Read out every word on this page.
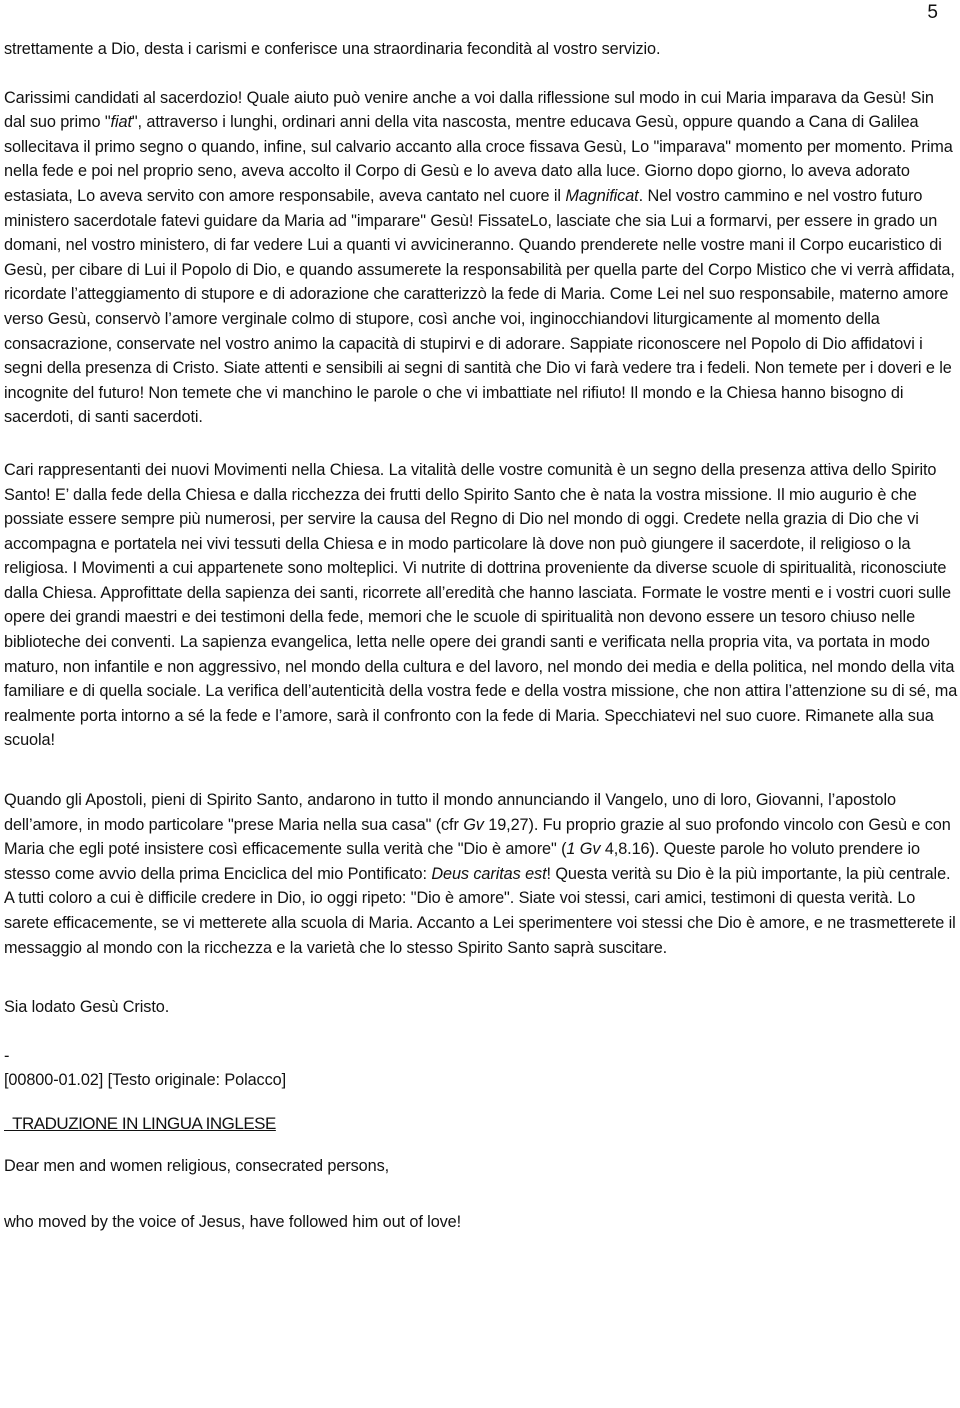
5

strettamente a Dio, desta i carismi e conferisce una straordinaria fecondità al vostro servizio.

Carissimi candidati al sacerdozio! Quale aiuto può venire anche a voi dalla riflessione sul modo in cui Maria imparava da Gesù! Sin dal suo primo "fiat", attraverso i lunghi, ordinari anni della vita nascosta, mentre educava Gesù, oppure quando a Cana di Galilea sollecitava il primo segno o quando, infine, sul calvario accanto alla croce fissava Gesù, Lo "imparava" momento per momento. Prima nella fede e poi nel proprio seno, aveva accolto il Corpo di Gesù e lo aveva dato alla luce. Giorno dopo giorno, lo aveva adorato estasiata, Lo aveva servito con amore responsabile, aveva cantato nel cuore il Magnificat. Nel vostro cammino e nel vostro futuro ministero sacerdotale fatevi guidare da Maria ad "imparare" Gesù! FissateLo, lasciate che sia Lui a formarvi, per essere in grado un domani, nel vostro ministero, di far vedere Lui a quanti vi avvicineranno. Quando prenderete nelle vostre mani il Corpo eucaristico di Gesù, per cibare di Lui il Popolo di Dio, e quando assumerete la responsabilità per quella parte del Corpo Mistico che vi verrà affidata, ricordate l’atteggiamento di stupore e di adorazione che caratterizzò la fede di Maria. Come Lei nel suo responsabile, materno amore verso Gesù, conservò l’amore verginale colmo di stupore, così anche voi, inginocchiandovi liturgicamente al momento della consacrazione, conservate nel vostro animo la capacità di stupirvi e di adorare. Sappiate riconoscere nel Popolo di Dio affidatovi i segni della presenza di Cristo. Siate attenti e sensibili ai segni di santità che Dio vi farà vedere tra i fedeli. Non temete per i doveri e le incognite del futuro! Non temete che vi manchino le parole o che vi imbattiate nel rifiuto! Il mondo e la Chiesa hanno bisogno di sacerdoti, di santi sacerdoti.

Cari rappresentanti dei nuovi Movimenti nella Chiesa. La vitalità delle vostre comunità è un segno della presenza attiva dello Spirito Santo! E’ dalla fede della Chiesa e dalla ricchezza dei frutti dello Spirito Santo che è nata la vostra missione. Il mio augurio è che possiate essere sempre più numerosi, per servire la causa del Regno di Dio nel mondo di oggi. Credete nella grazia di Dio che vi accompagna e portatela nei vivi tessuti della Chiesa e in modo particolare là dove non può giungere il sacerdote, il religioso o la religiosa. I Movimenti a cui appartenete sono molteplici. Vi nutrite di dottrina proveniente da diverse scuole di spiritualità, riconosciute dalla Chiesa. Approfittate della sapienza dei santi, ricorrete all’eredità che hanno lasciata. Formate le vostre menti e i vostri cuori sulle opere dei grandi maestri e dei testimoni della fede, memori che le scuole di spiritualità non devono essere un tesoro chiuso nelle biblioteche dei conventi. La sapienza evangelica, letta nelle opere dei grandi santi e verificata nella propria vita, va portata in modo maturo, non infantile e non aggressivo, nel mondo della cultura e del lavoro, nel mondo dei media e della politica, nel mondo della vita familiare e di quella sociale. La verifica dell’autenticità della vostra fede e della vostra missione, che non attira l’attenzione su di sé, ma realmente porta intorno a sé la fede e l’amore, sarà il confronto con la fede di Maria. Specchiatevi nel suo cuore. Rimanete alla sua scuola!

Quando gli Apostoli, pieni di Spirito Santo, andarono in tutto il mondo annunciando il Vangelo, uno di loro, Giovanni, l’apostolo dell’amore, in modo particolare "prese Maria nella sua casa" (cfr Gv 19,27). Fu proprio grazie al suo profondo vincolo con Gesù e con Maria che egli poté insistere così efficacemente sulla verità che "Dio è amore" (1 Gv 4,8.16). Queste parole ho voluto prendere io stesso come avvio della prima Enciclica del mio Pontificato: Deus caritas est! Questa verità su Dio è la più importante, la più centrale. A tutti coloro a cui è difficile credere in Dio, io oggi ripeto: "Dio è amore". Siate voi stessi, cari amici, testimoni di questa verità. Lo sarete efficacemente, se vi metterete alla scuola di Maria. Accanto a Lei sperimentere voi stessi che Dio è amore, e ne trasmetterete il messaggio al mondo con la ricchezza e la varietà che lo stesso Spirito Santo saprà suscitare.

Sia lodato Gesù Cristo.

-

[00800-01.02] [Testo originale: Polacco]

TRADUZIONE IN LINGUA INGLESE

Dear men and women religious, consecrated persons,

who moved by the voice of Jesus, have followed him out of love!
